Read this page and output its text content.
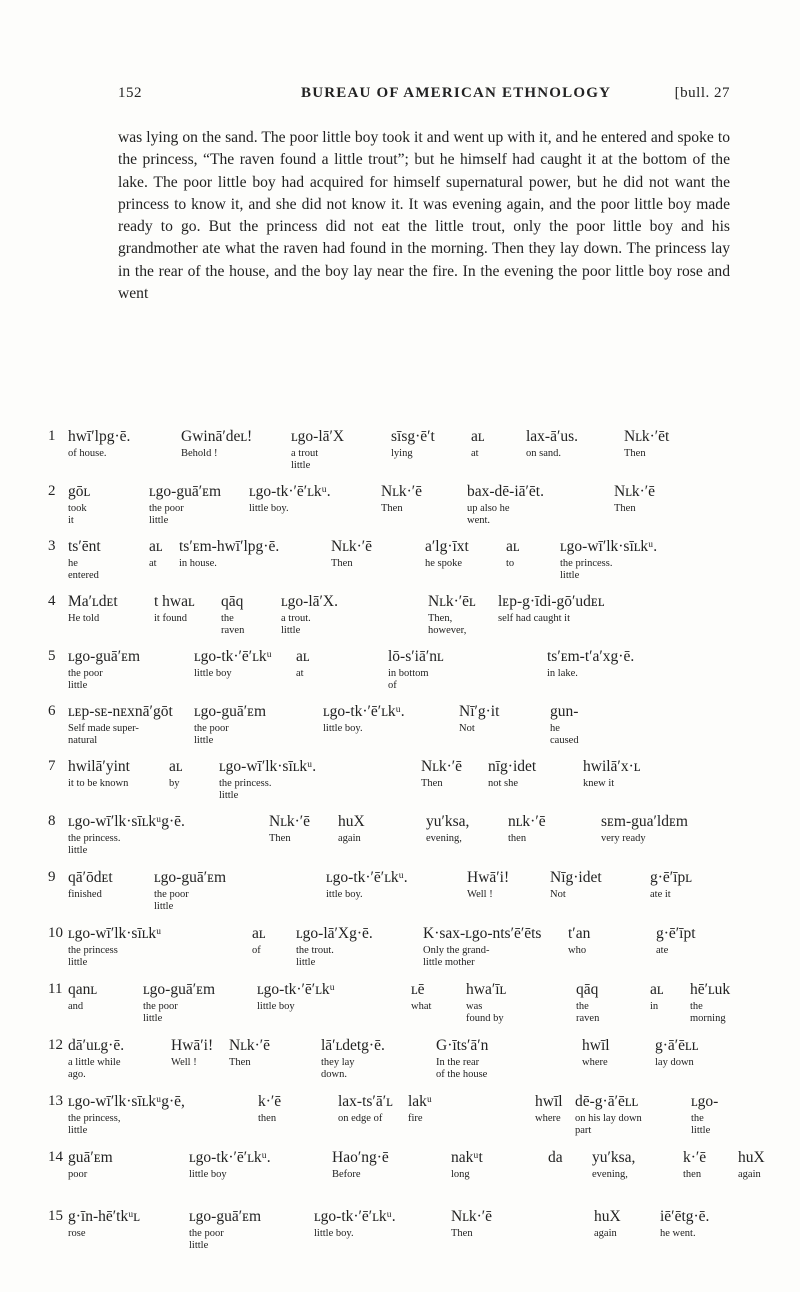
152	BUREAU OF AMERICAN ETHNOLOGY	[bull. 27

was lying on the sand. The poor little boy took it and went up with it, and he entered and spoke to the princess, “The raven found a little trout”; but he himself had caught it at the bottom of the lake. The poor little boy had acquired for himself supernatural power, but he did not want the princess to know it, and she did not know it. It was evening again, and the poor little boy made ready to go. But the princess did not eat the little trout, only the poor little boy and his grandmother ate what the raven had found in the morning. Then they lay down. The princess lay in the rear of the house, and the boy lay near the fire. In the evening the poor little boy rose and went

1 hwī′lpg·ē.
of house.
Gwinā′deʟ!
Behold !
ʟgo-lā′X
a trout
little
sīsg·ē′t
lying
aʟ
at
lax-ā′us.
on sand.
Nʟk·′ēt
Then
2 gōʟ
took
it
ʟgo-guā′ᴇm
the poor
little
ʟgo-tk·′ē′ʟkᵘ.
little boy.
Nʟk·′ē
Then
bax-dē-iā′ēt.
up also he
went.
Nʟk·′ē
Then
3 ts′ēnt
he
entered
aʟ
at
ts′ᴇm-hwī′lpg·ē.
in house.
Nʟk·′ē
Then
a′lg·īxt
he spoke
aʟ
to
ʟgo-wī′lk·sīʟkᵘ.
the princess.
little
4 Ma′ʟdᴇt
He told
t hwaʟ
it found
qāq
the
raven
ʟgo-lā′X.
a trout.
little
Nʟk·′ēʟ
Then,
however,
lᴇp-g·īdi-gō′udᴇʟ
self had caught it
5 ʟgo-guā′ᴇm
the poor
little
ʟgo-tk·′ē′ʟkᵘ
little boy
aʟ
at
lō-s′iā′nʟ
in bottom
of
ts′ᴇm-t′a′xg·ē.
in lake.
6 ʟᴇp-sᴇ-nᴇxnā′gōt
Self made super-
natural
ʟgo-guā′ᴇm
the poor
little
ʟgo-tk·′ē′ʟkᵘ.
little boy.
Nī′g·it
Not
gun-
he
caused
7 hwilā′yint
it to be known
aʟ
by
ʟgo-wī′lk·sīʟkᵘ.
the princess.
little
Nʟk·′ē
Then
nīg·idet
not she
hwilā′x·ʟ
knew it
8 ʟgo-wī′lk·sīʟkᵘg·ē.
the princess.
little
Nʟk·′ē
Then
huX
again
yu′ksa,
evening,
nʟk·′ē
then
sᴇm-gua′ldᴇm
very ready
9 qā′ōdᴇt
finished
ʟgo-guā′ᴇm
the poor
little
ʟgo-tk·′ē′ʟkᵘ.
ittle boy.
Hwā′i!
Well !
Nīg·idet
Not
g·ē′īpʟ
ate it
10 ʟgo-wī′lk·sīʟkᵘ
the princess
little
aʟ
of
ʟgo-lā′Xg·ē.
the trout.
little
K·sax-ʟgo-nts′ē′ēts
Only the grand-
little mother
t′an
who
g·ē′īpt
ate
11 qanʟ
and
ʟgo-guā′ᴇm
the poor
little
ʟgo-tk·′ē′ʟkᵘ
little boy
ʟē
what
hwa′īʟ
was
found by
qāq
the
raven
aʟ
in
hē′ʟuk
the
morning
12 dā′uʟg·ē.
a little while
ago.
Hwā′i!
Well !
Nʟk·′ē
Then
lā′ʟdetg·ē.
they lay
down.
G·īts′ā′n
In the rear
of the house
hwīl
where
g·ā′ēʟʟ
lay down
13 ʟgo-wī′lk·sīʟkᵘg·ē,
the princess,
little
k·′ē
then
lax-ts′ā′ʟ
on edge of
lakᵘ
fire
hwīl
where
dē-g·ā′ēʟʟ
on his lay down
part
ʟgo-
the
little
14 guā′ᴇm
poor
ʟgo-tk·′ē′ʟkᵘ.
little boy
Hao′ng·ē
Before
nakᵘt
long
da yu′ksa,
evening,
k·′ē
then
huX
again
15 g·īn-hē′tkᵘʟ
rose
ʟgo-guā′ᴇm
the poor
little
ʟgo-tk·′ē′ʟkᵘ.
little boy.
Nʟk·′ē
Then
huX
again
iē′ētg·ē.
he went.
